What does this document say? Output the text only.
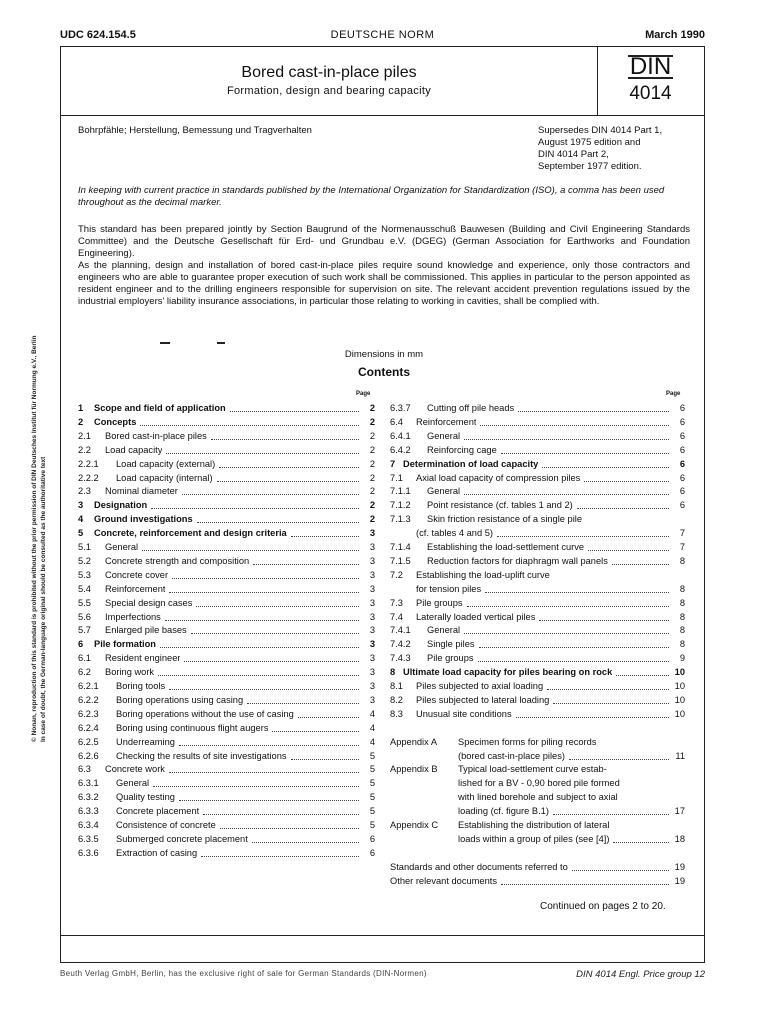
UDC 624.154.5	DEUTSCHE NORM	March 1990
Bored cast-in-place piles
Formation, design and bearing capacity
DIN
4014
Bohrpfähle; Herstellung, Bemessung und Tragverhalten	Supersedes DIN 4014 Part 1,
August 1975 edition and
DIN 4014 Part 2,
September 1977 edition.
In keeping with current practice in standards published by the International Organization for Standardization (ISO), a comma has been used throughout as the decimal marker.
This standard has been prepared jointly by Section Baugrund of the Normenausschuß Bauwesen (Building and Civil Engineering Standards Committee) and the Deutsche Gesellschaft für Erd- und Grundbau e.V. (DGEG) (German Association for Earthworks and Foundation Engineering).
As the planning, design and installation of bored cast-in-place piles require sound knowledge and experience, only those contractors and engineers who are able to guarantee proper execution of such work shall be commissioned. This applies in particular to the person appointed as resident engineer and to the drilling engineers responsible for supervision on site. The relevant accident prevention regulations issued by the industrial employers' liability insurance associations, in particular those relating to working in cavities, shall be complied with.
Dimensions in mm
Contents
Page	Page
1 Scope and field of application	2
2 Concepts	2
2.1 Bored cast-in-place piles	2
2.2 Load capacity	2
2.2.1 Load capacity (external)	2
2.2.2 Load capacity (internal)	2
2.3 Nominal diameter	2
3 Designation	2
4 Ground investigations	2
5 Concrete, reinforcement and design criteria	3
5.1 General	3
5.2 Concrete strength and composition	3
5.3 Concrete cover	3
5.4 Reinforcement	3
5.5 Special design cases	3
5.6 Imperfections	3
5.7 Enlarged pile bases	3
6 Pile formation	3
6.1 Resident engineer	3
6.2 Boring work	3
6.2.1 Boring tools	3
6.2.2 Boring operations using casing	3
6.2.3 Boring operations without the use of casing	4
6.2.4 Boring using continuous flight augers	4
6.2.5 Underreaming	4
6.2.6 Checking the results of site investigations	5
6.3 Concrete work	5
6.3.1 General	5
6.3.2 Quality testing	5
6.3.3 Concrete placement	5
6.3.4 Consistence of concrete	5
6.3.5 Submerged concrete placement	6
6.3.6 Extraction of casing	6
6.3.7 Cutting off pile heads	6
6.4 Reinforcement	6
6.4.1 General	6
6.4.2 Reinforcing cage	6
7 Determination of load capacity	6
7.1 Axial load capacity of compression piles	6
7.1.1 General	6
7.1.2 Point resistance (cf. tables 1 and 2)	6
7.1.3 Skin friction resistance of a single pile
(cf. tables 4 and 5)	7
7.1.4 Establishing the load-settlement curve	7
7.1.5 Reduction factors for diaphragm wall panels	8
7.2 Establishing the load-uplift curve
for tension piles	8
7.3 Pile groups	8
7.4 Laterally loaded vertical piles	8
7.4.1 General	8
7.4.2 Single piles	8
7.4.3 Pile groups	9
8 Ultimate load capacity for piles bearing on rock	10
8.1 Piles subjected to axial loading	10
8.2 Piles subjected to lateral loading	10
8.3 Unusual site conditions	10
Appendix A Specimen forms for piling records
(bored cast-in-place piles)	11
Appendix B Typical load-settlement curve estab-
lished for a BV - 0,90 bored pile formed
with lined borehole and subject to axial
loading (cf. figure B.1)	17
Appendix C Establishing the distribution of lateral
loads within a group of piles (see [4])	18
Standards and other documents referred to	19
Other relevant documents	19
Continued on pages 2 to 20.
Beuth Verlag GmbH, Berlin, has the exclusive right of sale for German Standards (DIN-Normen)	DIN 4014 Engl. Price group 12
© Nonan, reproduction of this standard is prohibited without the prior permission of DIN Deutsches Institut für Normung e.V., Berlin In case of doubt, the German-language original should be consulted as the authoritative text
